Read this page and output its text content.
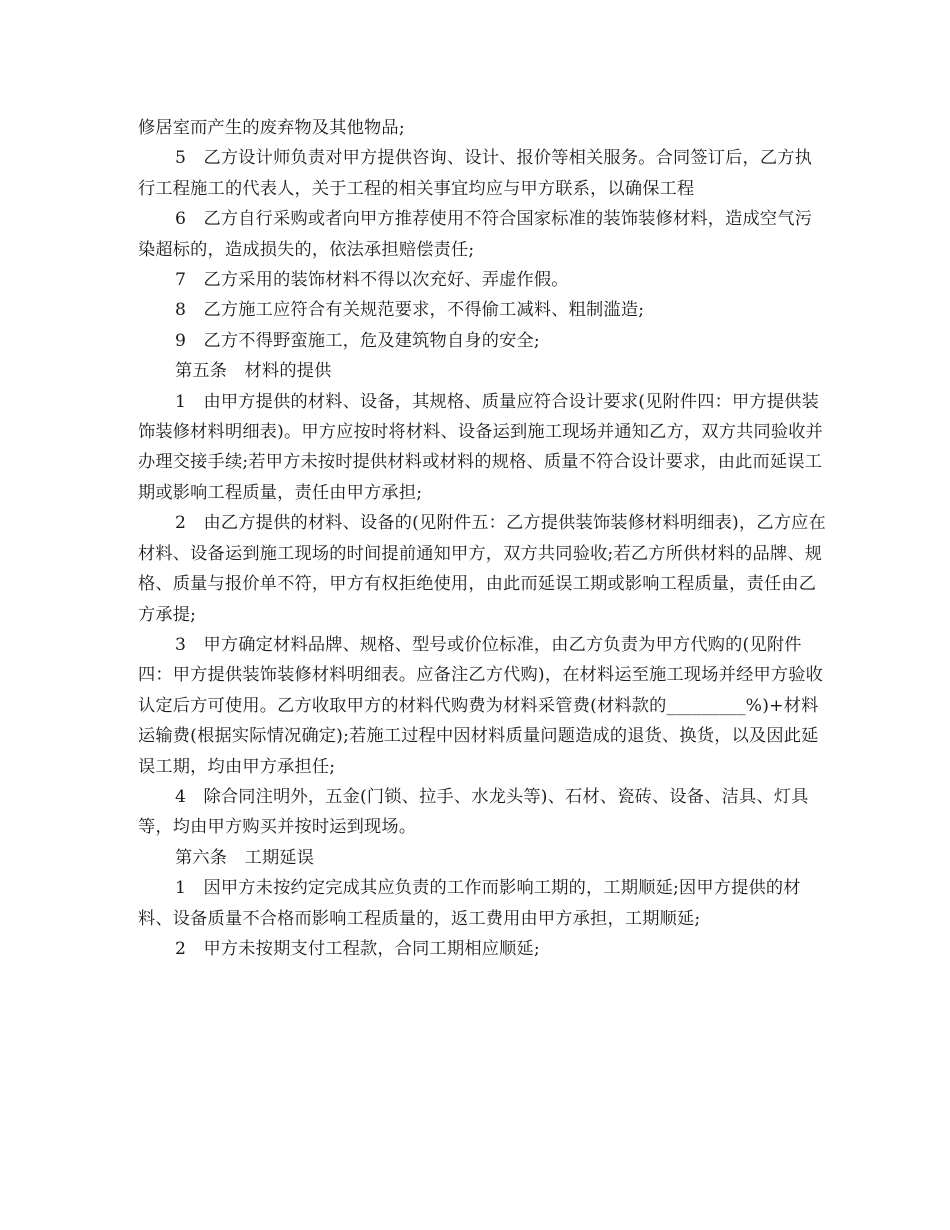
修居室而产生的废弃物及其他物品;

5　乙方设计师负责对甲方提供咨询、设计、报价等相关服务。合同签订后，乙方执行工程施工的代表人，关于工程的相关事宜均应与甲方联系，以确保工程

6　乙方自行采购或者向甲方推荐使用不符合国家标准的装饰装修材料，造成空气污染超标的，造成损失的，依法承担赔偿责任;

7　乙方采用的装饰材料不得以次充好、弄虚作假。

8　乙方施工应符合有关规范要求，不得偷工减料、粗制滥造;

9　乙方不得野蛮施工，危及建筑物自身的安全;

第五条　材料的提供

1　由甲方提供的材料、设备，其规格、质量应符合设计要求(见附件四：甲方提供装饰装修材料明细表)。甲方应按时将材料、设备运到施工现场并通知乙方，双方共同验收并办理交接手续;若甲方未按时提供材料或材料的规格、质量不符合设计要求，由此而延误工期或影响工程质量，责任由甲方承担;

2　由乙方提供的材料、设备的(见附件五：乙方提供装饰装修材料明细表)，乙方应在材料、设备运到施工现场的时间提前通知甲方，双方共同验收;若乙方所供材料的品牌、规格、质量与报价单不符，甲方有权拒绝使用，由此而延误工期或影响工程质量，责任由乙方承提;

3　甲方确定材料品牌、规格、型号或价位标准，由乙方负责为甲方代购的(见附件四：甲方提供装饰装修材料明细表。应备注乙方代购)，在材料运至施工现场并经甲方验收认定后方可使用。乙方收取甲方的材料代购费为材料采管费(材料款的_________%)+材料运输费(根据实际情况确定);若施工过程中因材料质量问题造成的退货、换货，以及因此延误工期，均由甲方承担任;

4　除合同注明外，五金(门锁、拉手、水龙头等)、石材、瓷砖、设备、洁具、灯具等，均由甲方购买并按时运到现场。

第六条　工期延误

1　因甲方未按约定完成其应负责的工作而影响工期的，工期顺延;因甲方提供的材料、设备质量不合格而影响工程质量的，返工费用由甲方承担，工期顺延;

2　甲方未按期支付工程款，合同工期相应顺延;
